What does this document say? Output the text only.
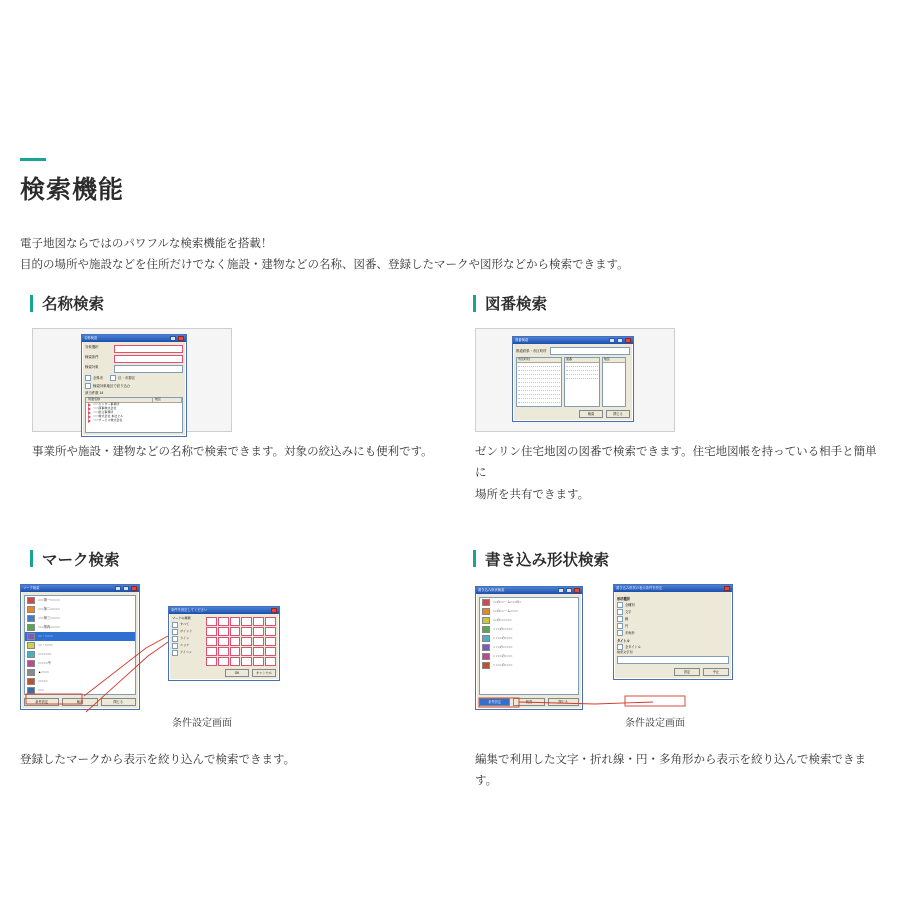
検索機能
電子地図ならではのパワフルな検索機能を搭載！
目的の場所や施設などを住所だけでなく施設・建物などの名称、図番、登録したマークや図形などから検索できます。
名称検索
名称検索
対象選択
検索条件
検索対象
全県市	区・市郡区
検索対象地区で絞り込む
該当件数 14
用途名称	地区
○○○センター事業所
○○○商事株式会社
○○○総合事務所
○○○株式会社 本社ビル
○○○サービス株式会社
事業所や施設・建物などの名称で検索できます。対象の絞込みにも便利です。
図番検索
図番検索
都道府県・市区町村
市区町村	図番	地区
検索	閉じる
ゼンリン住宅地図の図番で検索できます。住宅地図帳を持っている相手と簡単に
場所を共有できます。
マーク検索
マーク検索
○○○第一○○○○○
○○○第二○○○○○
○○○第三○○○○○
○○○第四○○○○○
○○・○○○○
○○・○○○○
○○○○○○○
○○○○○中
▲○○○○
○○○○○
○○○
条件設定	検索	閉じる
条件を設定してください
マークの種類
すべて
ポイント
ライン
エリア
アイコン
OK	キャンセル
条件設定画面
登録したマークから表示を絞り込んで検索できます。
書き込み形状検索
書き込み形状検索
○○の○○－ム○○○の○
○○の○○－ム○○○○
○○の○○○○○○
○ ○○の○○○○○
○ ○○○の○○○○
○ ○○の○○○○○
○ ○○○の○○○○
○ ○○○の○○○○
条件設定	検索	閉じる
書き込み形状の表示条件を設定
形状種別
全種別
文字
線
円
多角形
タイトル
全タイトル
検索文字列
設定	中止
条件設定画面
編集で利用した文字・折れ線・円・多角形から表示を絞り込んで検索できます。
